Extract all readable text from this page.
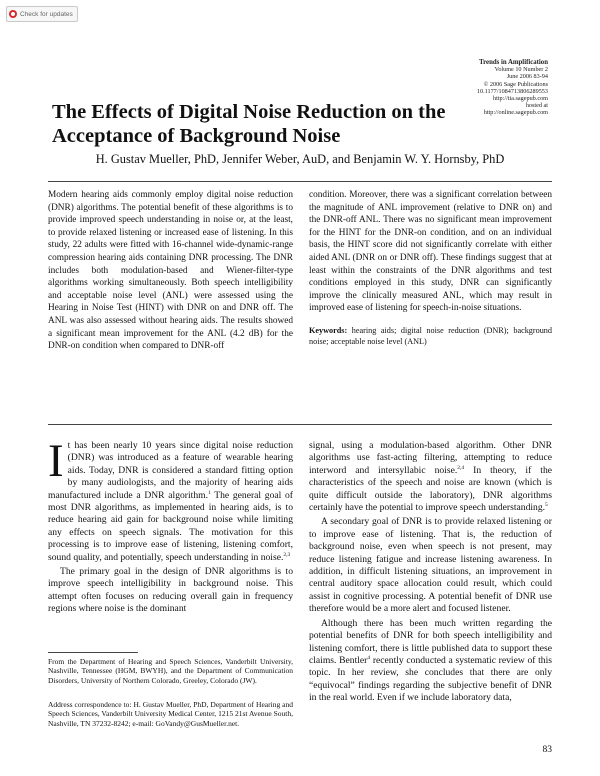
Check for updates
Trends in Amplification
Volume 10 Number 2
June 2006 83-94
© 2006 Sage Publications
10.1177/1084713806289553
http://tia.sagepub.com
hosted at
http://online.sagepub.com
The Effects of Digital Noise Reduction on the Acceptance of Background Noise
H. Gustav Mueller, PhD, Jennifer Weber, AuD, and Benjamin W. Y. Hornsby, PhD
Modern hearing aids commonly employ digital noise reduction (DNR) algorithms. The potential benefit of these algorithms is to provide improved speech understanding in noise or, at the least, to provide relaxed listening or increased ease of listening. In this study, 22 adults were fitted with 16-channel wide-dynamic-range compression hearing aids containing DNR processing. The DNR includes both modulation-based and Wiener-filter-type algorithms working simultaneously. Both speech intelligibility and acceptable noise level (ANL) were assessed using the Hearing in Noise Test (HINT) with DNR on and DNR off. The ANL was also assessed without hearing aids. The results showed a significant mean improvement for the ANL (4.2 dB) for the DNR-on condition when compared to DNR-off
condition. Moreover, there was a significant correlation between the magnitude of ANL improvement (relative to DNR on) and the DNR-off ANL. There was no significant mean improvement for the HINT for the DNR-on condition, and on an individual basis, the HINT score did not significantly correlate with either aided ANL (DNR on or DNR off). These findings suggest that at least within the constraints of the DNR algorithms and test conditions employed in this study, DNR can significantly improve the clinically measured ANL, which may result in improved ease of listening for speech-in-noise situations.
Keywords: hearing aids; digital noise reduction (DNR); background noise; acceptable noise level (ANL)

It has been nearly 10 years since digital noise reduction (DNR) was introduced as a feature of wearable hearing aids. Today, DNR is considered a standard fitting option by many audiologists, and the majority of hearing aids manufactured include a DNR algorithm.$^1$ The general goal of most DNR algorithms, as implemented in hearing aids, is to reduce hearing aid gain for background noise while limiting any effects on speech signals. The motivation for this processing is to improve ease of listening, listening comfort, sound quality, and potentially, speech understanding in noise.$^{2,3}$

The primary goal in the design of DNR algorithms is to improve speech intelligibility in background noise. This attempt often focuses on reducing overall gain in frequency regions where noise is the dominant

signal, using a modulation-based algorithm. Other DNR algorithms use fast-acting filtering, attempting to reduce interword and intersyllabic noise.$^{2,4}$ In theory, if the characteristics of the speech and noise are known (which is quite difficult outside the laboratory), DNR algorithms certainly have the potential to improve speech understanding.$^5$

A secondary goal of DNR is to provide relaxed listening or to improve ease of listening. That is, the reduction of background noise, even when speech is not present, may reduce listening fatigue and increase listening awareness. In addition, in difficult listening situations, an improvement in central auditory space allocation could result, which could assist in cognitive processing. A potential benefit of DNR use therefore would be a more alert and focused listener.

Although there has been much written regarding the potential benefits of DNR for both speech intelligibility and listening comfort, there is little published data to support these claims. Bentler$^4$ recently conducted a systematic review of this topic. In her review, she concludes that there are only “equivocal” findings regarding the subjective benefit of DNR in the real world. Even if we include laboratory data,

From the Department of Hearing and Speech Sciences, Vanderbilt University, Nashville, Tennessee (HGM, BWYH), and the Department of Communication Disorders, University of Northern Colorado, Greeley, Colorado (JW).
Address correspondence to: H. Gustav Mueller, PhD, Department of Hearing and Speech Sciences, Vanderbilt University Medical Center, 1215 21st Avenue South, Nashville, TN 37232-8242; e-mail: GoVandy@GusMueller.net.
83
